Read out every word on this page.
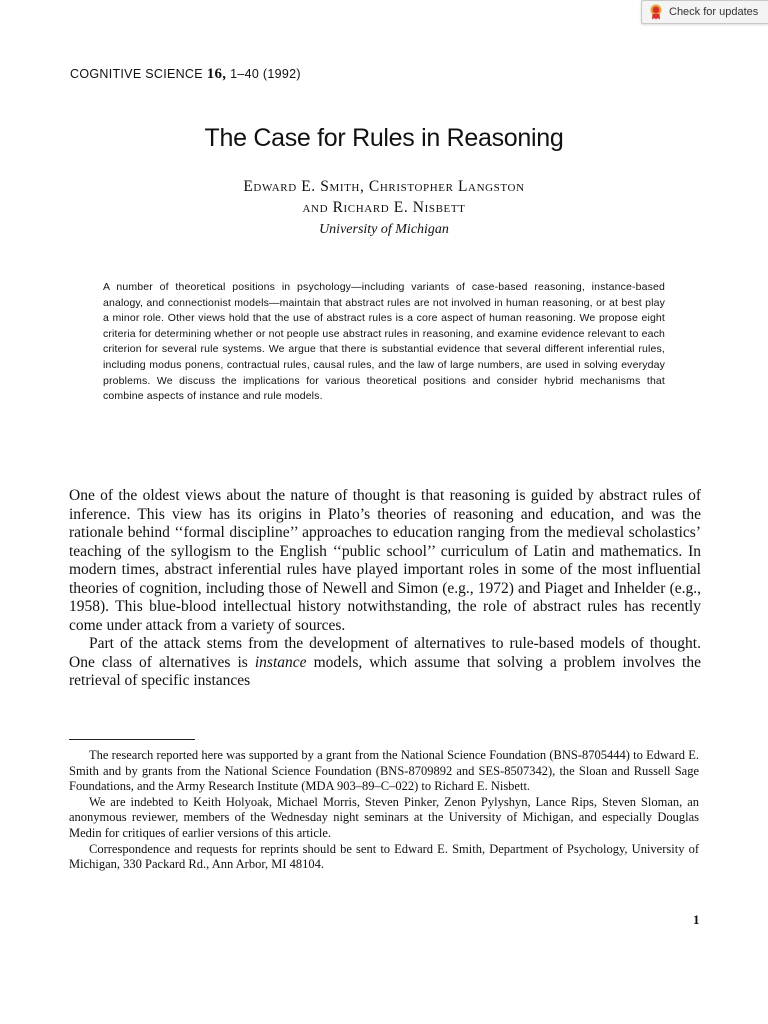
Check for updates
COGNITIVE SCIENCE 16, 1–40 (1992)
The Case for Rules in Reasoning
Edward E. Smith, Christopher Langston
and Richard E. Nisbett
University of Michigan
A number of theoretical positions in psychology—including variants of case-based reasoning, instance-based analogy, and connectionist models—maintain that abstract rules are not involved in human reasoning, or at best play a minor role. Other views hold that the use of abstract rules is a core aspect of human reasoning. We propose eight criteria for determining whether or not people use abstract rules in reasoning, and examine evidence relevant to each criterion for several rule systems. We argue that there is substantial evidence that several different inferential rules, including modus ponens, contractual rules, causal rules, and the law of large numbers, are used in solving everyday problems. We discuss the implications for various theoretical positions and consider hybrid mechanisms that combine aspects of instance and rule models.

One of the oldest views about the nature of thought is that reasoning is guided by abstract rules of inference. This view has its origins in Plato’s theories of reasoning and education, and was the rationale behind ‘‘formal discipline’’ approaches to education ranging from the medieval scholastics’ teaching of the syllogism to the English ‘‘public school’’ curriculum of Latin and mathematics. In modern times, abstract inferential rules have played important roles in some of the most influential theories of cognition, including those of Newell and Simon (e.g., 1972) and Piaget and Inhelder (e.g., 1958). This blue-blood intellectual history notwithstanding, the role of abstract rules has recently come under attack from a variety of sources.

Part of the attack stems from the development of alternatives to rule-based models of thought. One class of alternatives is instance models, which assume that solving a problem involves the retrieval of specific instances

The research reported here was supported by a grant from the National Science Foundation (BNS-8705444) to Edward E. Smith and by grants from the National Science Foundation (BNS-8709892 and SES-8507342), the Sloan and Russell Sage Foundations, and the Army Research Institute (MDA 903–89–C–022) to Richard E. Nisbett.

We are indebted to Keith Holyoak, Michael Morris, Steven Pinker, Zenon Pylyshyn, Lance Rips, Steven Sloman, an anonymous reviewer, members of the Wednesday night seminars at the University of Michigan, and especially Douglas Medin for critiques of earlier versions of this article.

Correspondence and requests for reprints should be sent to Edward E. Smith, Department of Psychology, University of Michigan, 330 Packard Rd., Ann Arbor, MI 48104.

1
